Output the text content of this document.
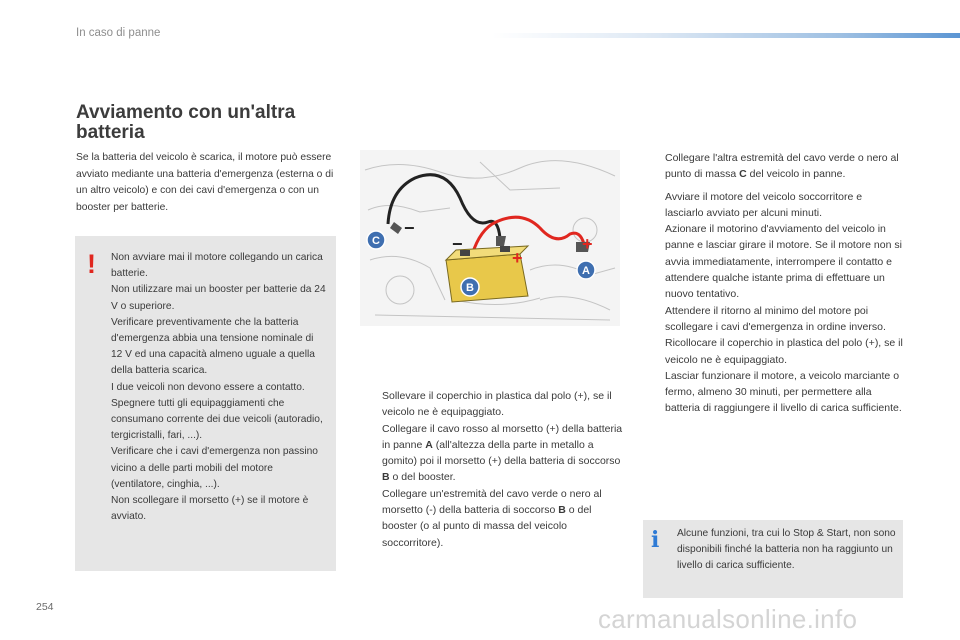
In caso di panne
Avviamento con un'altra
batteria

Se la batteria del veicolo è scarica, il motore può essere avviato mediante una batteria d'emergenza (esterna o di un altro veicolo) e con dei cavi d'emergenza o con un booster per batterie.

! Non avviare mai il motore collegando un carica batterie.
Non utilizzare mai un booster per batterie da 24 V o superiore.
Verificare preventivamente che la batteria d'emergenza abbia una tensione nominale di 12 V ed una capacità almeno uguale a quella della batteria scarica.
I due veicoli non devono essere a contatto.
Spegnere tutti gli equipaggiamenti che consumano corrente dei due veicoli (autoradio, tergicristalli, fari, ...).
Verificare che i cavi d'emergenza non passino vicino a delle parti mobili del motore (ventilatore, cinghia, ...).
Non scollegare il morsetto (+) se il motore è avviato.
−
−
+
+
C
B
A
Sollevare il coperchio in plastica dal polo (+), se il veicolo ne è equipaggiato.
Collegare il cavo rosso al morsetto (+) della batteria in panne A (all'altezza della parte in metallo a gomito) poi il morsetto (+) della batteria di soccorso B o del booster.
Collegare un'estremità del cavo verde o nero al morsetto (-) della batteria di soccorso B o del booster (o al punto di massa del veicolo soccorritore).
Collegare l'altra estremità del cavo verde o nero al punto di massa C del veicolo in panne.
Avviare il motore del veicolo soccorritore e lasciarlo avviato per alcuni minuti.
Azionare il motorino d'avviamento del veicolo in panne e lasciar girare il motore. Se il motore non si avvia immediatamente, interrompere il contatto e attendere qualche istante prima di effettuare un nuovo tentativo.
Attendere il ritorno al minimo del motore poi scollegare i cavi d'emergenza in ordine inverso.
Ricollocare il coperchio in plastica del polo (+), se il veicolo ne è equipaggiato.
Lasciar funzionare il motore, a veicolo marciante o fermo, almeno 30 minuti, per permettere alla batteria di raggiungere il livello di carica sufficiente.
i Alcune funzioni, tra cui lo Stop & Start, non sono disponibili finché la batteria non ha raggiunto un livello di carica sufficiente.
254	carmanualsonline.info
